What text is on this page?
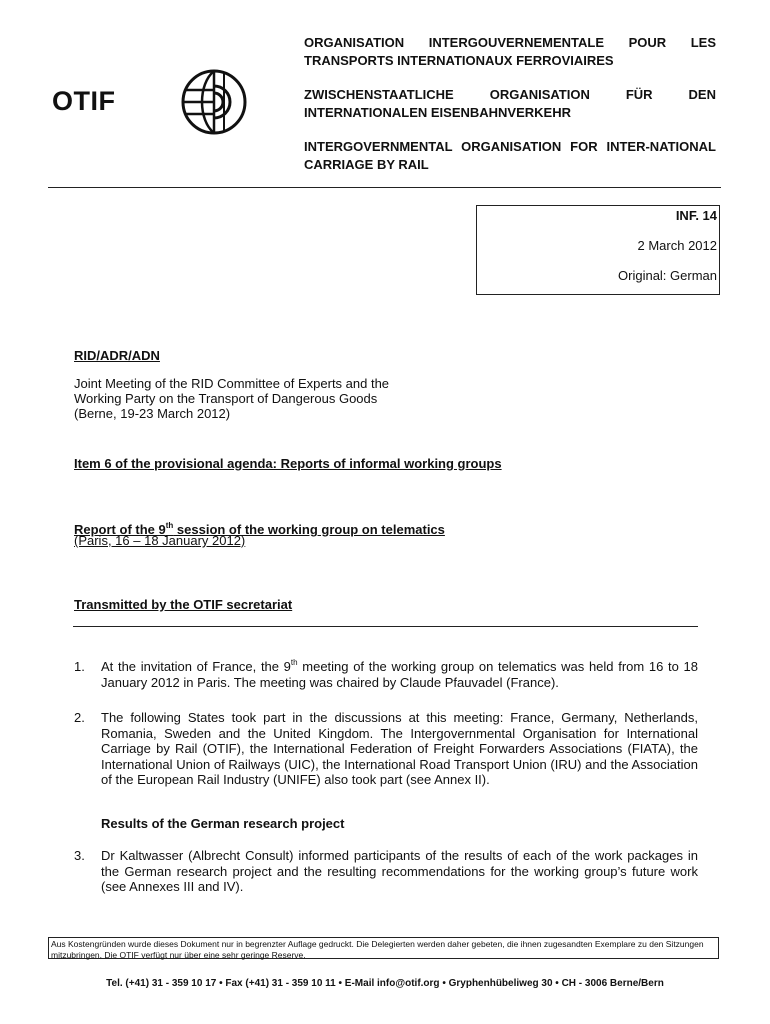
OTIF
ORGANISATION INTERGOUVERNEMENTALE POUR LES TRANSPORTS INTERNATIONAUX FERROVIAIRES
ZWISCHENSTAATLICHE ORGANISATION FÜR DEN INTERNATIONALEN EISENBAHNVERKEHR
INTERGOVERNMENTAL ORGANISATION FOR INTER-NATIONAL CARRIAGE BY RAIL
INF. 14
2 March 2012
Original: German
RID/ADR/ADN
Joint Meeting of the RID Committee of Experts and the
Working Party on the Transport of Dangerous Goods
(Berne, 19-23 March 2012)
Item 6 of the provisional agenda: Reports of informal working groups
Report of the 9th session of the working group on telematics
(Paris, 16 – 18 January 2012)
Transmitted by the OTIF secretariat
1. At the invitation of France, the 9th meeting of the working group on telematics was held from 16 to 18 January 2012 in Paris. The meeting was chaired by Claude Pfauvadel (France).
2. The following States took part in the discussions at this meeting: France, Germany, Netherlands, Romania, Sweden and the United Kingdom. The Intergovernmental Organisation for International Carriage by Rail (OTIF), the International Federation of Freight Forwarders Associations (FIATA), the International Union of Railways (UIC), the International Road Transport Union (IRU) and the Association of the European Rail Industry (UNIFE) also took part (see Annex II).
Results of the German research project
3. Dr Kaltwasser (Albrecht Consult) informed participants of the results of each of the work packages in the German research project and the resulting recommendations for the working group’s future work (see Annexes III and IV).
Aus Kostengründen wurde dieses Dokument nur in begrenzter Auflage gedruckt. Die Delegierten werden daher gebeten, die ihnen zugesandten Exemplare zu den Sitzungen mitzubringen. Die OTIF verfügt nur über eine sehr geringe Reserve.
Tel. (+41) 31 - 359 10 17 • Fax (+41) 31 - 359 10 11 • E-Mail info@otif.org • Gryphenhübeliweg 30 • CH - 3006 Berne/Bern
